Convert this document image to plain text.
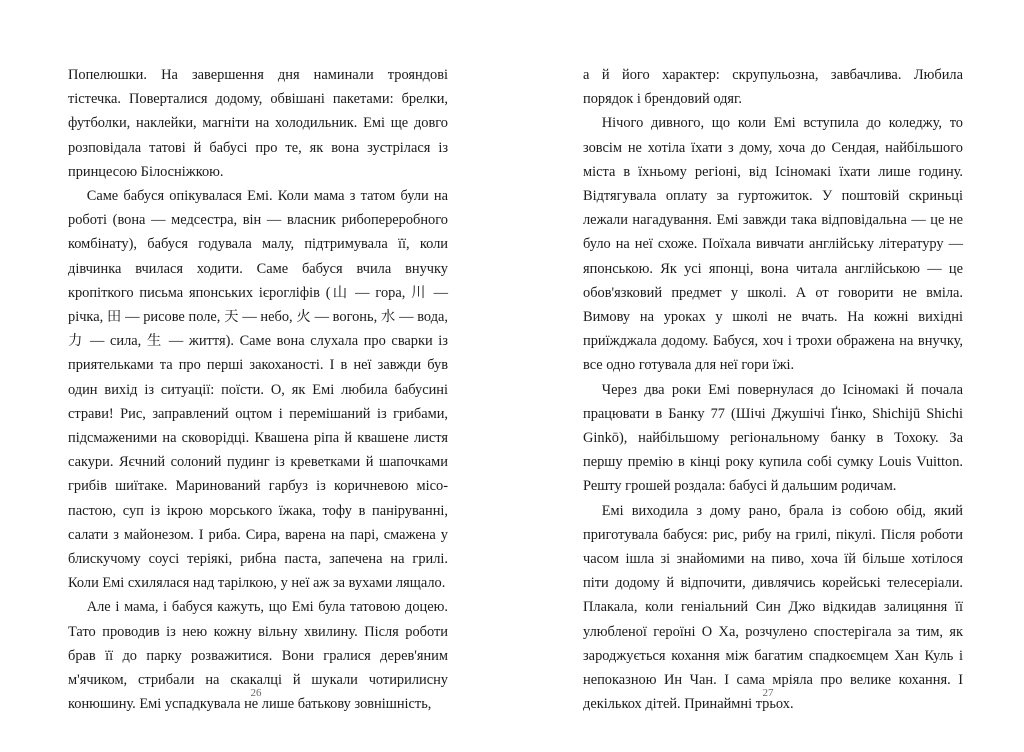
Попелюшки. На завершення дня наминали трояндові тістечка. Поверталися додому, обвішані пакетами: брелки, футболки, наклейки, магніти на холодильник. Емі ще довго розповідала татові й бабусі про те, як вона зустрілася із принцесою Білосніжкою.

Саме бабуся опікувалася Емі. Коли мама з татом були на роботі (вона — медсестра, він — власник рибопереробного комбінату), бабуся годувала малу, підтримувала її, коли дівчинка вчилася ходити. Саме бабуся вчила внучку кропіткого письма японських ієрогліфів (山 — гора, 川 — річка, 田 — рисове поле, 天 — небо, 火 — вогонь, 水 — вода, 力 — сила, 生 — життя). Саме вона слухала про сварки із приятельками та про перші закоханості. І в неї завжди був один вихід із ситуації: поїсти. О, як Емі любила бабусині страви! Рис, заправлений оцтом і перемішаний із грибами, підсмаженими на сковорідці. Квашена ріпа й квашене листя сакури. Яєчний солоний пудинг із креветками й шапочками грибів шиїтаке. Маринований гарбуз із коричневою місо-пастою, суп із ікрою морського їжака, тофу в паніруванні, салати з майонезом. І риба. Сира, варена на парі, смажена у блискучому соусі теріякі, рибна паста, запечена на грилі. Коли Емі схилялася над тарілкою, у неї аж за вухами лящало.

Але і мама, і бабуся кажуть, що Емі була татовою доцею. Тато проводив із нею кожну вільну хвилину. Після роботи брав її до парку розважитися. Вони гралися дерев'яним м'ячиком, стрибали на скакалці й шукали чотирилисну конюшину. Емі успадкувала не лише батькову зовнішність,

26

а й його характер: скрупульозна, завбачлива. Любила порядок і брендовий одяг.

Нічого дивного, що коли Емі вступила до коледжу, то зовсім не хотіла їхати з дому, хоча до Сендая, найбільшого міста в їхньому регіоні, від Ісіномакі їхати лише годину. Відтягувала оплату за гуртожиток. У поштовій скриньці лежали нагадування. Емі завжди така відповідальна — це не було на неї схоже. Поїхала вивчати англійську літературу — японською. Як усі японці, вона читала англійською — це обов'язковий предмет у школі. А от говорити не вміла. Вимову на уроках у школі не вчать. На кожні вихідні приїжджала додому. Бабуся, хоч і трохи ображена на внучку, все одно готувала для неї гори їжі.

Через два роки Емі повернулася до Ісіномакі й почала працювати в Банку 77 (Шічі Джушічі Ґінко, Shichijū Shichi Ginkō), найбільшому регіональному банку в Тохоку. За першу премію в кінці року купила собі сумку Louis Vuitton. Решту грошей роздала: бабусі й дальшим родичам.

Емі виходила з дому рано, брала із собою обід, який приготувала бабуся: рис, рибу на грилі, пікулі. Після роботи часом ішла зі знайомими на пиво, хоча їй більше хотілося піти додому й відпочити, дивлячись корейські телесеріали. Плакала, коли геніальний Син Джо відкидав залицяння її улюбленої героїні О Ха, розчулено спостерігала за тим, як зароджується кохання між багатим спадкоємцем Хан Куль і непоказною Ин Чан. І сама мріяла про велике кохання. І декількох дітей. Принаймні трьох.

27
